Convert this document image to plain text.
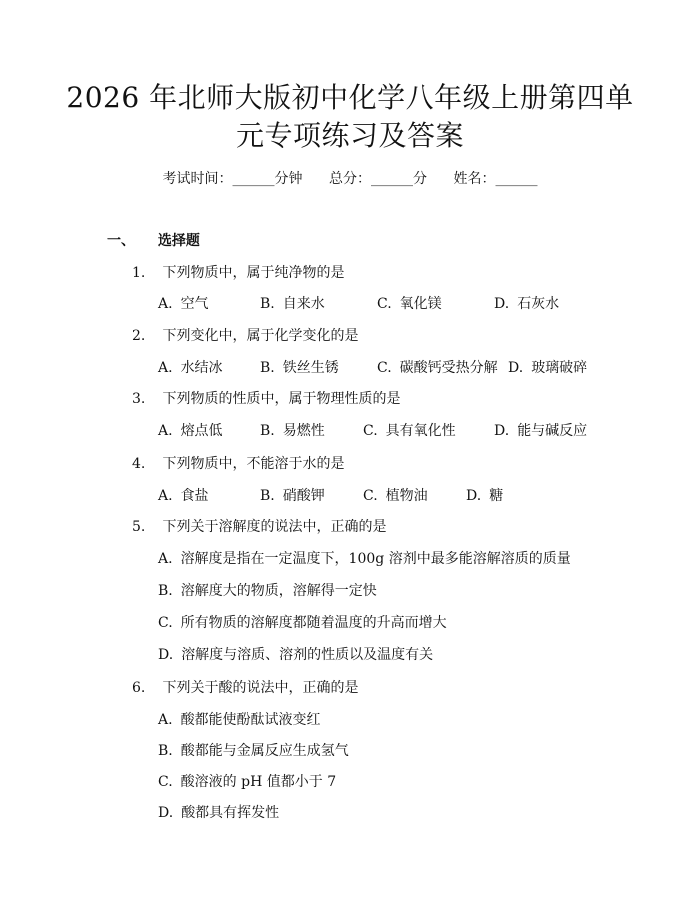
2026 年北师大版初中化学八年级上册第四单
元专项练习及答案
考试时间：______分钟 总分：______分 姓名：______
一、 选择题
1. 下列物质中，属于纯净物的是
A. 空气	B. 自来水	C. 氧化镁	D. 石灰水
2. 下列变化中，属于化学变化的是
A. 水结冰	B. 铁丝生锈	C. 碳酸钙受热分解 D. 玻璃破碎
3. 下列物质的性质中，属于物理性质的是
A. 熔点低	B. 易燃性	C. 具有氧化性	D. 能与碱反应
4. 下列物质中，不能溶于水的是
A. 食盐	B. 硝酸钾	C. 植物油	D. 糖
5. 下列关于溶解度的说法中，正确的是
A. 溶解度是指在一定温度下，100g 溶剂中最多能溶解溶质的质量
B. 溶解度大的物质，溶解得一定快
C. 所有物质的溶解度都随着温度的升高而增大
D. 溶解度与溶质、溶剂的性质以及温度有关
6. 下列关于酸的说法中，正确的是
A. 酸都能使酚酞试液变红
B. 酸都能与金属反应生成氢气
C. 酸溶液的 pH 值都小于 7
D. 酸都具有挥发性
